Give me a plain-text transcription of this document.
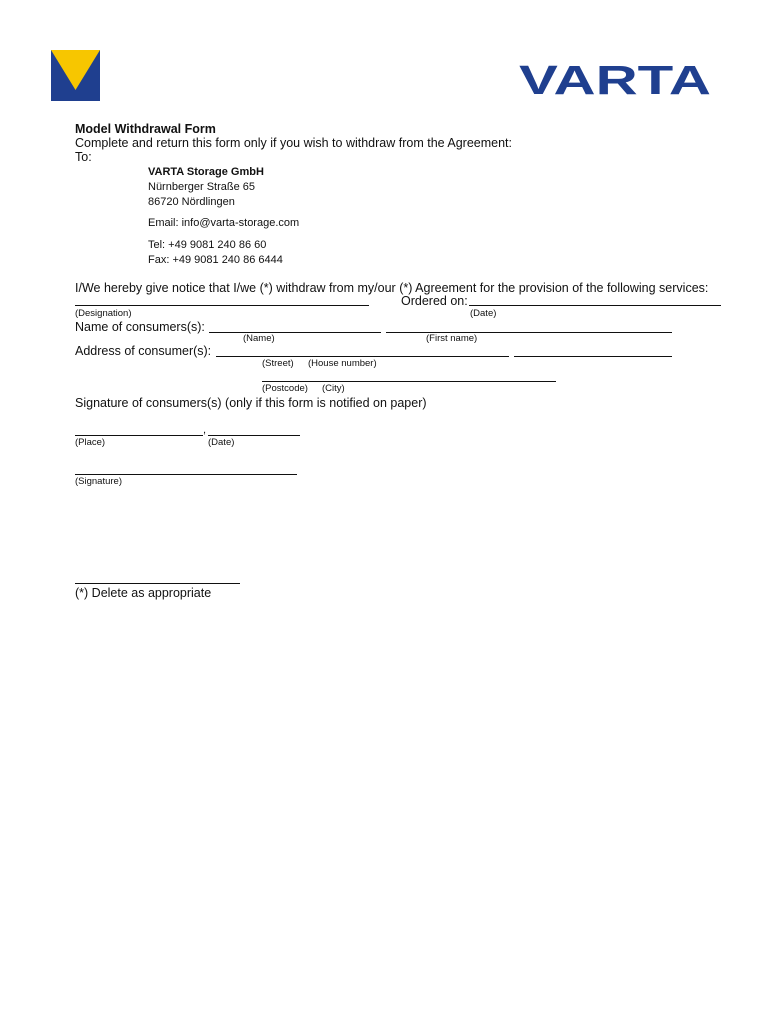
VARTA
Model Withdrawal Form
Complete and return this form only if you wish to withdraw from the Agreement:
To:
VARTA Storage GmbH
Nürnberger Straße 65
86720 Nördlingen
Email: info@varta-storage.com
Tel: +49 9081 240 86 60
Fax: +49 9081 240 86 6444
I/We hereby give notice that I/we (*) withdraw from my/our (*) Agreement for the provision of the following services:
Ordered on:
(Designation)	(Date)
Name of consumers(s):
(Name)	(First name)
Address of consumer(s):
(Street) (House number)
(Postcode) (City)
Signature of consumers(s) (only if this form is notified on paper)
,
(Place)	(Date)
(Signature)
(*) Delete as appropriate
